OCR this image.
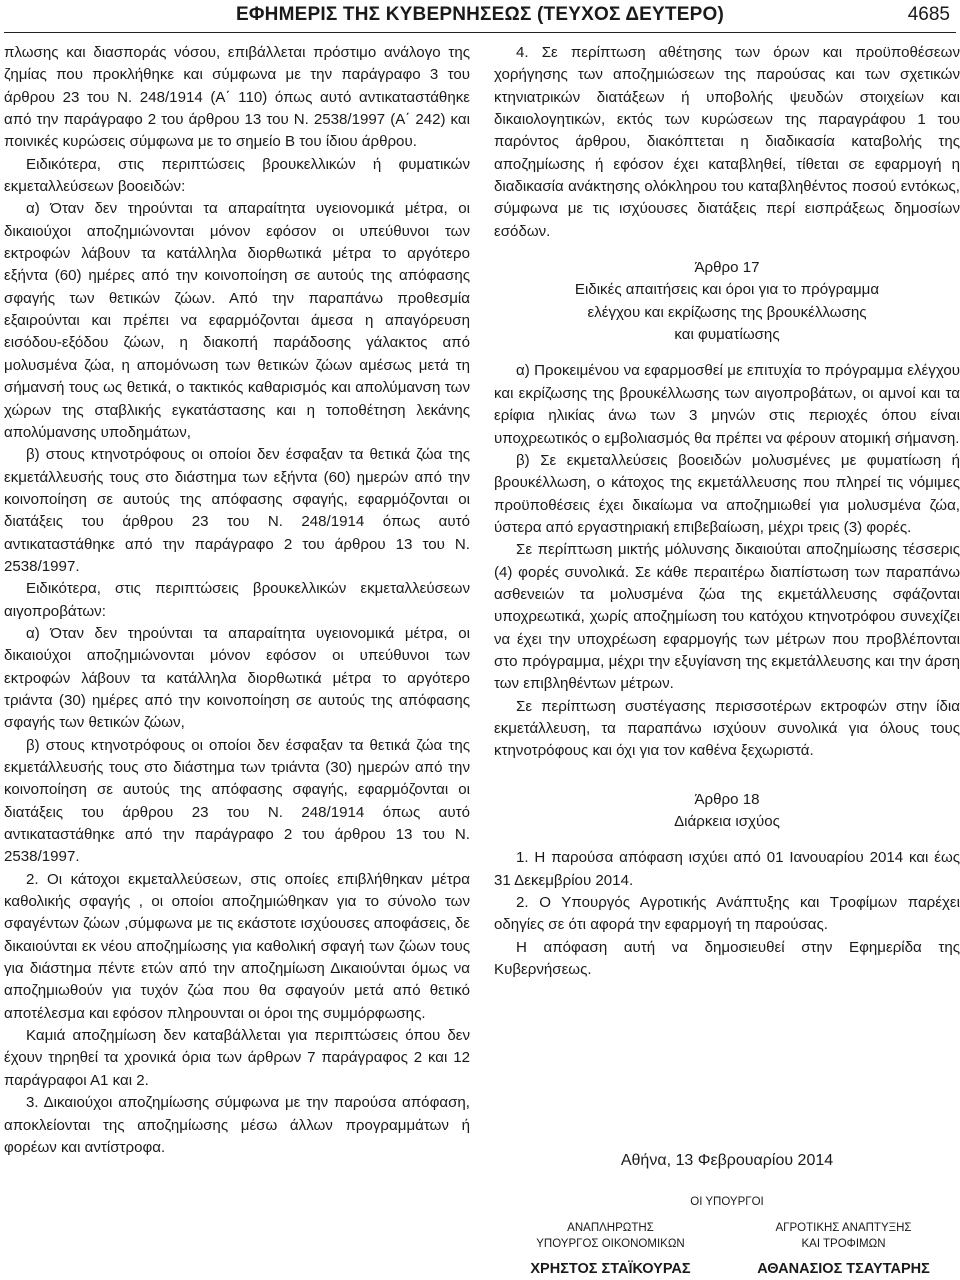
ΕΦΗΜΕΡΙΣ ΤΗΣ ΚΥΒΕΡΝΗΣΕΩΣ (ΤΕΥΧΟΣ ΔΕΥΤΕΡΟ)	4685

πλωσης και διασποράς νόσου, επιβάλλεται πρόστιμο ανάλογο της ζημίας που προκλήθηκε και σύμφωνα με την παράγραφο 3 του άρθρου 23 του Ν. 248/1914 (Α΄ 110) όπως αυτό αντικαταστάθηκε από την παράγραφο 2 του άρθρου 13 του Ν. 2538/1997 (Α΄ 242) και ποινικές κυρώσεις σύμφωνα με το σημείο Β του ίδιου άρθρου.

Ειδικότερα, στις περιπτώσεις βρουκελλικών ή φυματικών εκμεταλλεύσεων βοοειδών:

α) Όταν δεν τηρούνται τα απαραίτητα υγειονομικά μέτρα, οι δικαιούχοι αποζημιώνονται μόνον εφόσον οι υπεύθυνοι των εκτροφών λάβουν τα κατάλληλα διορθωτικά μέτρα το αργότερο εξήντα (60) ημέρες από την κοινοποίηση σε αυτούς της απόφασης σφαγής των θετικών ζώων. Από την παραπάνω προθεσμία εξαιρούνται και πρέπει να εφαρμόζονται άμεσα η απαγόρευση εισόδου-εξόδου ζώων, η διακοπή παράδοσης γάλακτος από μολυσμένα ζώα, η απομόνωση των θετικών ζώων αμέσως μετά τη σήμανσή τους ως θετικά, ο τακτικός καθαρισμός και απολύμανση των χώρων της σταβλικής εγκατάστασης και η τοποθέτηση λεκάνης απολύμανσης υποδημάτων,

β) στους κτηνοτρόφους οι οποίοι δεν έσφαξαν τα θετικά ζώα της εκμετάλλευσής τους στο διάστημα των εξήντα (60) ημερών από την κοινοποίηση σε αυτούς της απόφασης σφαγής, εφαρμόζονται οι διατάξεις του άρθρου 23 του Ν. 248/1914 όπως αυτό αντικαταστάθηκε από την παράγραφο 2 του άρθρου 13 του Ν. 2538/1997.

Ειδικότερα, στις περιπτώσεις βρουκελλικών εκμεταλλεύσεων αιγοπροβάτων:

α) Όταν δεν τηρούνται τα απαραίτητα υγειονομικά μέτρα, οι δικαιούχοι αποζημιώνονται μόνον εφόσον οι υπεύθυνοι των εκτροφών λάβουν τα κατάλληλα διορθωτικά μέτρα το αργότερο τριάντα (30) ημέρες από την κοινοποίηση σε αυτούς της απόφασης σφαγής των θετικών ζώων,

β) στους κτηνοτρόφους οι οποίοι δεν έσφαξαν τα θετικά ζώα της εκμετάλλευσής τους στο διάστημα των τριάντα (30) ημερών από την κοινοποίηση σε αυτούς της απόφασης σφαγής, εφαρμόζονται οι διατάξεις του άρθρου 23 του Ν. 248/1914 όπως αυτό αντικαταστάθηκε από την παράγραφο 2 του άρθρου 13 του Ν. 2538/1997.

2. Οι κάτοχοι εκμεταλλεύσεων, στις οποίες επιβλήθηκαν μέτρα καθολικής σφαγής , οι οποίοι αποζημιώθηκαν για το σύνολο των σφαγέντων ζώων ,σύμφωνα με τις εκάστοτε ισχύουσες αποφάσεις, δε δικαιούνται εκ νέου αποζημίωσης για καθολική σφαγή των ζώων τους για διάστημα πέντε ετών από την αποζημίωση Δικαιούνται όμως να αποζημιωθούν για τυχόν ζώα που θα σφαγούν μετά από θετικό αποτέλεσμα και εφόσον πληρουνται οι όροι της συμμόρφωσης.

Καμιά αποζημίωση δεν καταβάλλεται για περιπτώσεις όπου δεν έχουν τηρηθεί τα χρονικά όρια των άρθρων 7 παράγραφος 2 και 12 παράγραφοι Α1 και 2.

3. Δικαιούχοι αποζημίωσης σύμφωνα με την παρούσα απόφαση, αποκλείονται της αποζημίωσης μέσω άλλων προγραμμάτων ή φορέων και αντίστροφα.

4. Σε περίπτωση αθέτησης των όρων και προϋποθέσεων χορήγησης των αποζημιώσεων της παρούσας και των σχετικών κτηνιατρικών διατάξεων ή υποβολής ψευδών στοιχείων και δικαιολογητικών, εκτός των κυρώσεων της παραγράφου 1 του παρόντος άρθρου, διακόπτεται η διαδικασία καταβολής της αποζημίωσης ή εφόσον έχει καταβληθεί, τίθεται σε εφαρμογή η διαδικασία ανάκτησης ολόκληρου του καταβληθέντος ποσού εντόκως, σύμφωνα με τις ισχύουσες διατάξεις περί εισπράξεως δημοσίων εσόδων.

Άρθρο 17

Ειδικές απαιτήσεις και όροι για το πρόγραμμα

ελέγχου και εκρίζωσης της βρουκέλλωσης

και φυματίωσης

α) Προκειμένου να εφαρμοσθεί με επιτυχία το πρόγραμμα ελέγχου και εκρίζωσης της βρουκέλλωσης των αιγοπροβάτων, οι αμνοί και τα ερίφια ηλικίας άνω των 3 μηνών στις περιοχές όπου είναι υποχρεωτικός ο εμβολιασμός θα πρέπει να φέρουν ατομική σήμανση.

β) Σε εκμεταλλεύσεις βοοειδών μολυσμένες με φυματίωση ή βρουκέλλωση, ο κάτοχος της εκμετάλλευσης που πληρεί τις νόμιμες προϋποθέσεις έχει δικαίωμα να αποζημιωθεί για μολυσμένα ζώα, ύστερα από εργαστηριακή επιβεβαίωση, μέχρι τρεις (3) φορές.

Σε περίπτωση μικτής μόλυνσης δικαιούται αποζημίωσης τέσσερις (4) φορές συνολικά. Σε κάθε περαιτέρω διαπίστωση των παραπάνω ασθενειών τα μολυσμένα ζώα της εκμετάλλευσης σφάζονται υποχρεωτικά, χωρίς αποζημίωση του κατόχου κτηνοτρόφου συνεχίζει να έχει την υποχρέωση εφαρμογής των μέτρων που προβλέπονται στο πρόγραμμα, μέχρι την εξυγίανση της εκμετάλλευσης και την άρση των επιβληθέντων μέτρων.

Σε περίπτωση συστέγασης περισσοτέρων εκτροφών στην ίδια εκμετάλλευση, τα παραπάνω ισχύουν συνολικά για όλους τους κτηνοτρόφους και όχι για τον καθένα ξεχωριστά.

Άρθρο 18

Διάρκεια ισχύος

1. Η παρούσα απόφαση ισχύει από 01 Ιανουαρίου 2014 και έως 31 Δεκεμβρίου 2014.

2. Ο Υπουργός Αγροτικής Ανάπτυξης και Τροφίμων παρέχει οδηγίες σε ότι αφορά την εφαρμογή τη παρούσας.

Η απόφαση αυτή να δημοσιευθεί στην Εφημερίδα της Κυβερνήσεως.

Αθήνα, 13 Φεβρουαρίου 2014
ΟΙ ΥΠΟΥΡΓΟΙ
ΑΝΑΠΛΗΡΩΤΗΣ
ΥΠΟΥΡΓΟΣ ΟΙΚΟΝΟΜΙΚΩΝ
ΧΡΗΣΤΟΣ ΣΤΑΪΚΟΥΡΑΣ
ΑΓΡΟΤΙΚΗΣ ΑΝΑΠΤΥΞΗΣ
ΚΑΙ ΤΡΟΦΙΜΩΝ
ΑΘΑΝΑΣΙΟΣ ΤΣΑΥΤΑΡΗΣ
